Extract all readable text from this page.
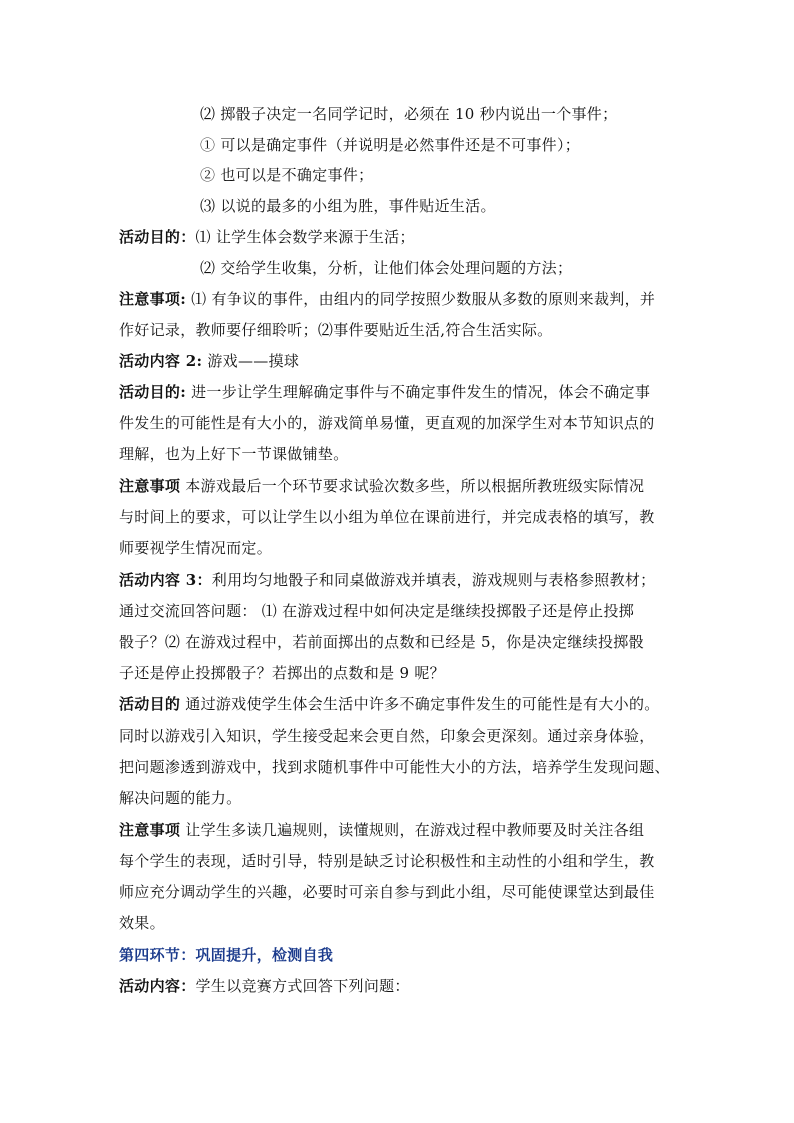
⑵ 掷骰子决定一名同学记时，必须在 10 秒内说出一个事件；
① 可以是确定事件（并说明是必然事件还是不可事件）；
② 也可以是不确定事件；
⑶ 以说的最多的小组为胜，事件贴近生活。
活动目的：⑴ 让学生体会数学来源于生活；
⑵ 交给学生收集，分析，让他们体会处理问题的方法；
注意事项: ⑴ 有争议的事件，由组内的同学按照少数服从多数的原则来裁判，并
作好记录，教师要仔细聆听；⑵事件要贴近生活,符合生活实际。
活动内容 2: 游戏——摸球
活动目的: 进一步让学生理解确定事件与不确定事件发生的情况，体会不确定事
件发生的可能性是有大小的，游戏简单易懂，更直观的加深学生对本节知识点的
理解，也为上好下一节课做铺垫。
注意事项 本游戏最后一个环节要求试验次数多些，所以根据所教班级实际情况
与时间上的要求，可以让学生以小组为单位在课前进行，并完成表格的填写，教
师要视学生情况而定。
活动内容 3：利用均匀地骰子和同桌做游戏并填表，游戏规则与表格参照教材；
通过交流回答问题： ⑴ 在游戏过程中如何决定是继续投掷骰子还是停止投掷
骰子？⑵ 在游戏过程中，若前面掷出的点数和已经是 5，你是决定继续投掷骰
子还是停止投掷骰子？若掷出的点数和是 9 呢？
活动目的 通过游戏使学生体会生活中许多不确定事件发生的可能性是有大小的。
同时以游戏引入知识，学生接受起来会更自然，印象会更深刻。通过亲身体验，
把问题渗透到游戏中，找到求随机事件中可能性大小的方法，培养学生发现问题、
解决问题的能力。
注意事项 让学生多读几遍规则，读懂规则，在游戏过程中教师要及时关注各组
每个学生的表现，适时引导，特别是缺乏讨论积极性和主动性的小组和学生，教
师应充分调动学生的兴趣，必要时可亲自参与到此小组，尽可能使课堂达到最佳
效果。
第四环节：巩固提升，检测自我
活动内容：学生以竞赛方式回答下列问题：
